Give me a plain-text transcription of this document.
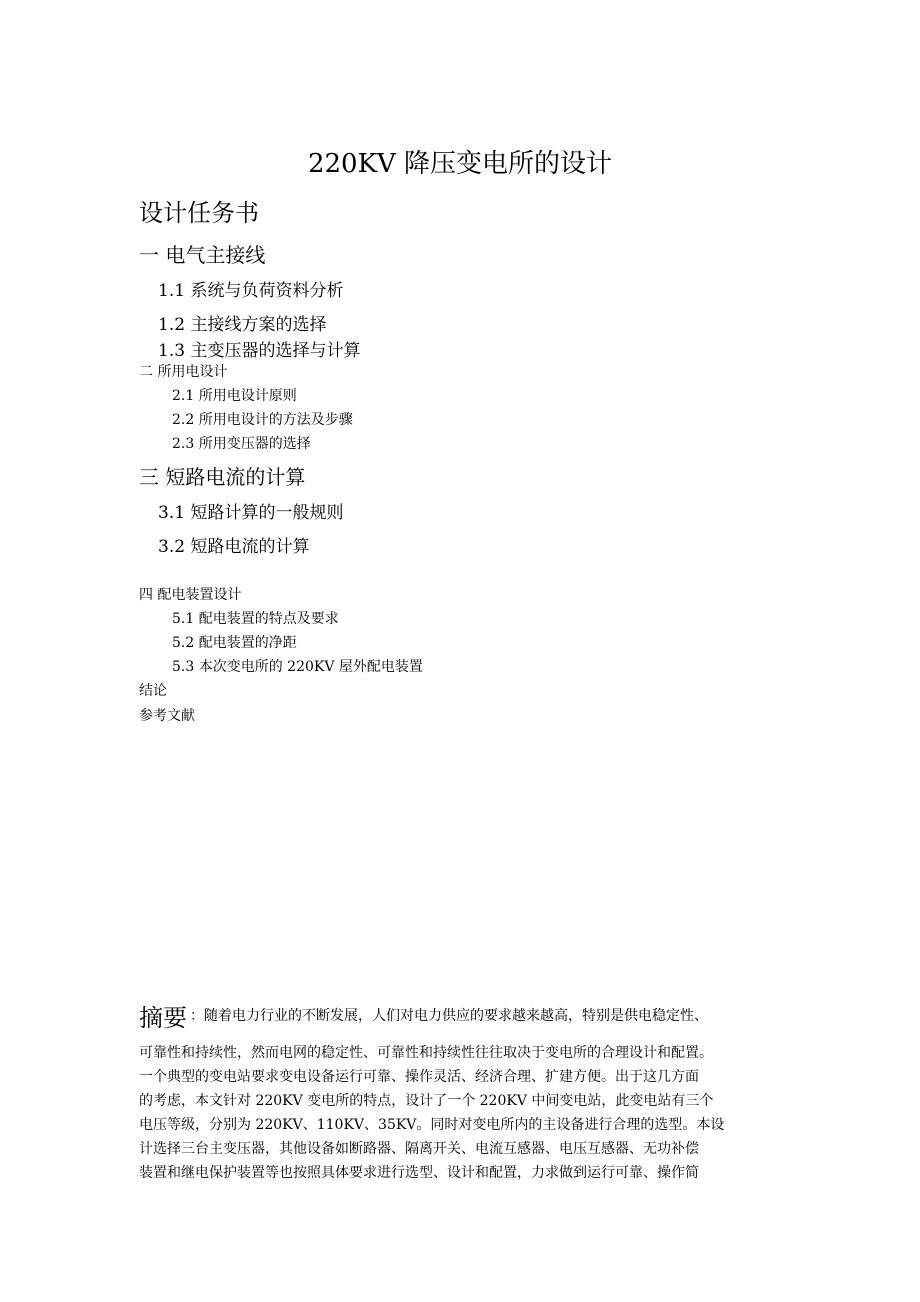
220KV 降压变电所的设计
设计任务书
一 电气主接线
1.1 系统与负荷资料分析
1.2 主接线方案的选择
1.3 主变压器的选择与计算
二 所用电设计
2.1 所用电设计原则
2.2 所用电设计的方法及步骤
2.3 所用变压器的选择
三 短路电流的计算
3.1 短路计算的一般规则
3.2 短路电流的计算
四 配电装置设计
5.1 配电装置的特点及要求
5.2 配电装置的净距
5.3 本次变电所的 220KV 屋外配电装置
结论
参考文献
摘要 ：随着电力行业的不断发展，人们对电力供应的要求越来越高，特别是供电稳定性、
可靠性和持续性，然而电网的稳定性、可靠性和持续性往往取决于变电所的合理设计和配置。
一个典型的变电站要求变电设备运行可靠、操作灵活、经济合理、扩建方便。出于这几方面
的考虑，本文针对 220KV 变电所的特点，设计了一个 220KV 中间变电站，此变电站有三个
电压等级，分别为 220KV、110KV、35KV。同时对变电所内的主设备进行合理的选型。本设
计选择三台主变压器，其他设备如断路器、隔离开关、电流互感器、电压互感器、无功补偿
装置和继电保护装置等也按照具体要求进行选型、设计和配置，力求做到运行可靠、操作简
